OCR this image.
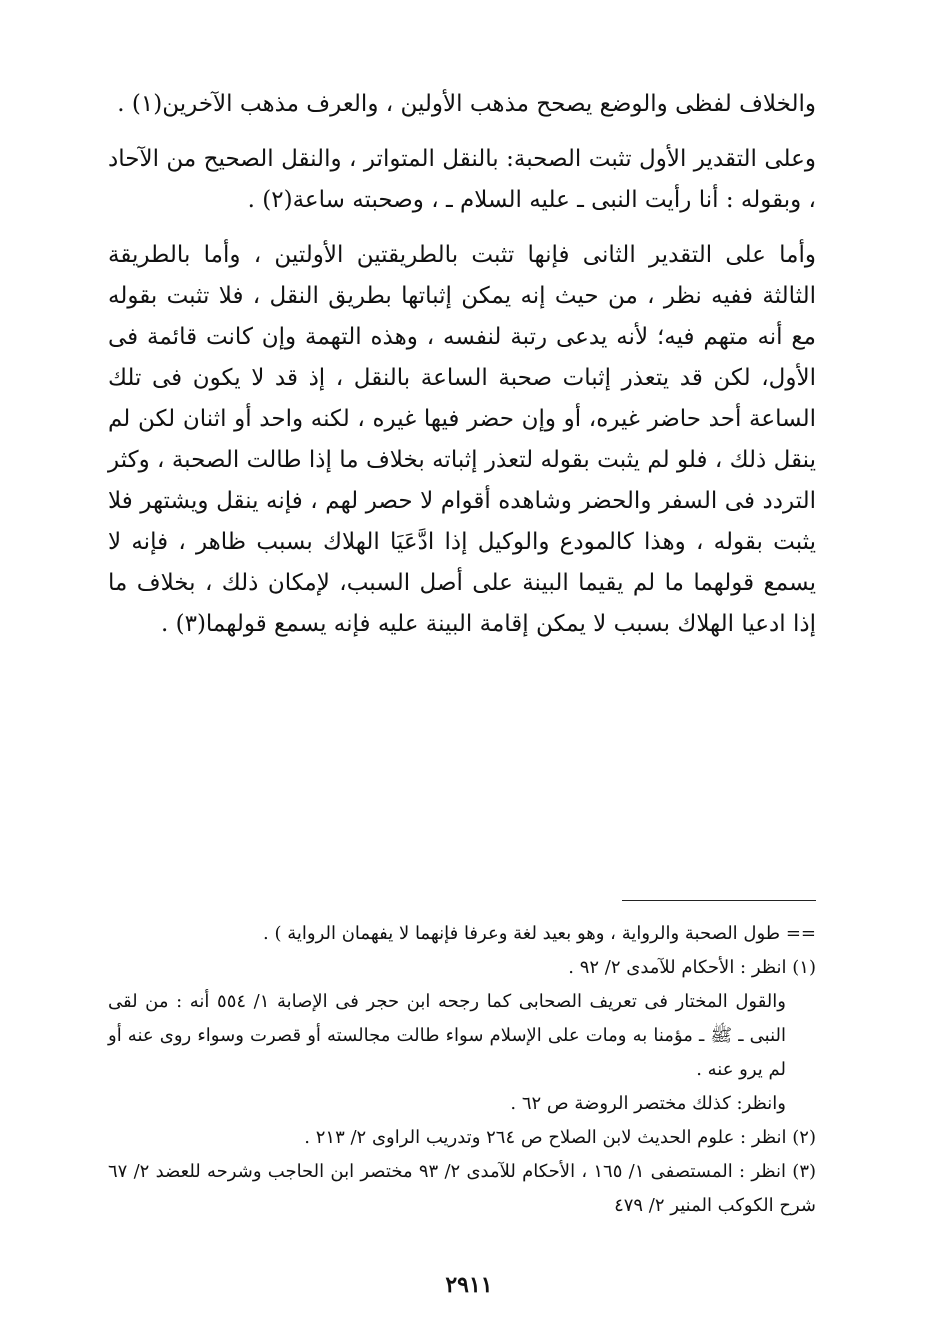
والخلاف لفظى والوضع يصحح مذهب الأولين ، والعرف مذهب الآخرين(١) .

وعلى التقدير الأول تثبت الصحبة: بالنقل المتواتر ، والنقل الصحيح من الآحاد ، وبقوله : أنا رأيت النبى ـ عليه السلام ـ ، وصحبته ساعة(٢) .

وأما على التقدير الثانى فإنها تثبت بالطريقتين الأولتين ، وأما بالطريقة الثالثة ففيه نظر ، من حيث إنه يمكن إثباتها بطريق النقل ، فلا تثبت بقوله مع أنه متهم فيه؛ لأنه يدعى رتبة لنفسه ، وهذه التهمة وإن كانت قائمة فى الأول، لكن قد يتعذر إثبات صحبة الساعة بالنقل ، إذ قد لا يكون فى تلك الساعة أحد حاضر غيره، أو وإن حضر فيها غيره ، لكنه واحد أو اثنان لكن لم ينقل ذلك ، فلو لم يثبت بقوله لتعذر إثباته بخلاف ما إذا طالت الصحبة ، وكثر التردد فى السفر والحضر وشاهده أقوام لا حصر لهم ، فإنه ينقل ويشتهر فلا يثبت بقوله ، وهذا كالمودع والوكيل إذا ادَّعَيَا الهلاك بسبب ظاهر ، فإنه لا يسمع قولهما ما لم يقيما البينة على أصل السبب، لإمكان ذلك ، بخلاف ما إذا ادعيا الهلاك بسبب لا يمكن إقامة البينة عليه فإنه يسمع قولهما(٣) .

== طول الصحبة والرواية ، وهو بعيد لغة وعرفا فإنهما لا يفهمان الرواية ) .

(١) انظر : الأحكام للآمدى ٢/ ٩٢ .

والقول المختار فى تعريف الصحابى كما رجحه ابن حجر فى الإصابة ١/ ٥٥٤ أنه : من لقى النبى ـ ﷺ ـ مؤمنا به ومات على الإسلام سواء طالت مجالسته أو قصرت وسواء روى عنه أو لم يرو عنه .

وانظر: كذلك مختصر الروضة ص ٦٢ .

(٢) انظر : علوم الحديث لابن الصلاح ص ٢٦٤ وتدريب الراوى ٢/ ٢١٣ .

(٣) انظر : المستصفى ١/ ١٦٥ ، الأحكام للآمدى ٢/ ٩٣ مختصر ابن الحاجب وشرحه للعضد ٢/ ٦٧ شرح الكوكب المنير ٢/ ٤٧٩

٢٩١١
